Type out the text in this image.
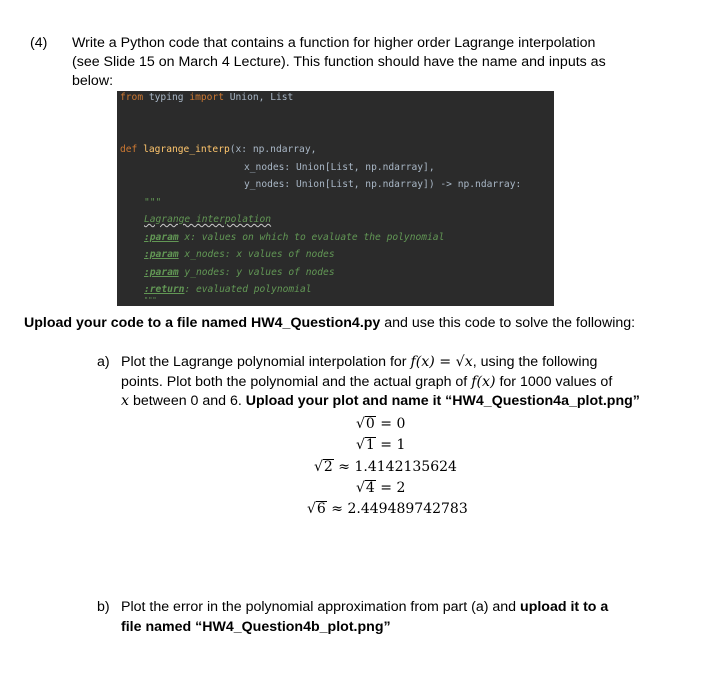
(4) Write a Python code that contains a function for higher order Lagrange interpolation
(see Slide 15 on March 4 Lecture). This function should have the name and inputs as
below:
from typing import Union, List
def lagrange_interp(x: np.ndarray,
x_nodes: Union[List, np.ndarray],
y_nodes: Union[List, np.ndarray]) -> np.ndarray:
"""
Lagrange interpolation
:param x: values on which to evaluate the polynomial
:param x_nodes: x values of nodes
:param y_nodes: y values of nodes
:return: evaluated polynomial
"""
Upload your code to a file named HW4_Question4.py and use this code to solve the following:
a) Plot the Lagrange polynomial interpolation for f(x) = √x, using the following
points. Plot both the polynomial and the actual graph of f(x) for 1000 values of
x between 0 and 6. Upload your plot and name it “HW4_Question4a_plot.png”
√0 = 0
√1 = 1
√2 ≈ 1.4142135624
√4 = 2
√6 ≈ 2.449489742783
b) Plot the error in the polynomial approximation from part (a) and upload it to a
file named “HW4_Question4b_plot.png”
